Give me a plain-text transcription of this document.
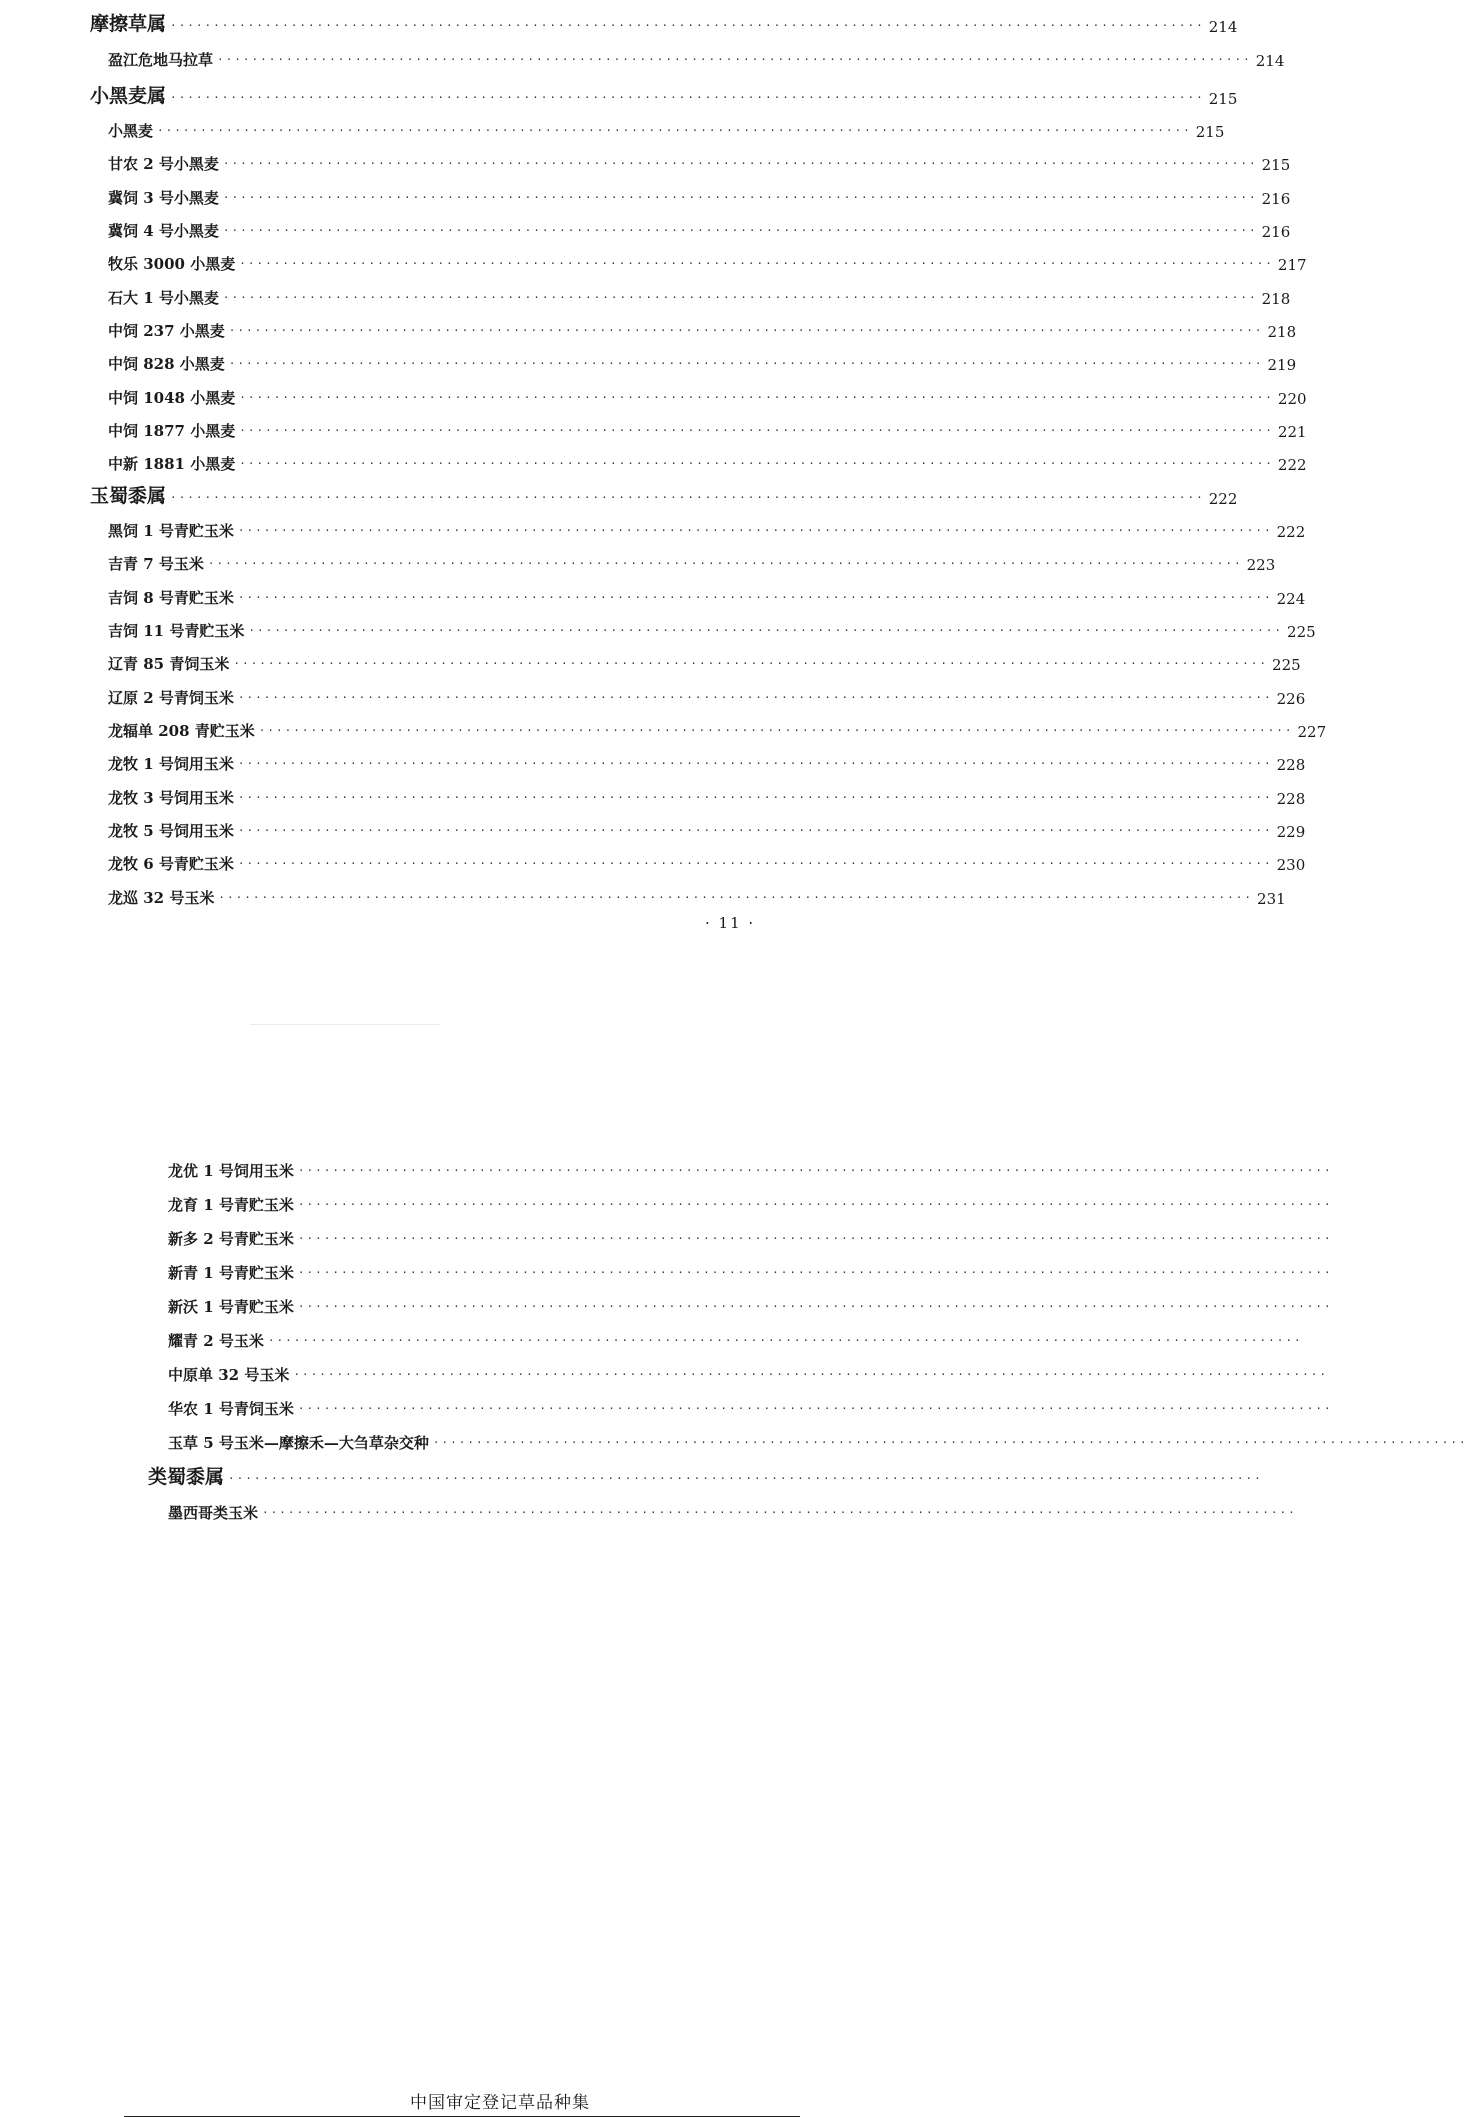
摩擦草属 ························································································································ 214
盈江危地马拉草 ························································································································ 214
小黑麦属 ························································································································ 215
小黑麦 ························································································································ 215
甘农 2 号小黑麦 ························································································································ 215
冀饲 3 号小黑麦 ························································································································ 216
冀饲 4 号小黑麦 ························································································································ 216
牧乐 3000 小黑麦 ························································································································ 217
石大 1 号小黑麦 ························································································································ 218
中饲 237 小黑麦 ························································································································ 218
中饲 828 小黑麦 ························································································································ 219
中饲 1048 小黑麦 ························································································································ 220
中饲 1877 小黑麦 ························································································································ 221
中新 1881 小黑麦 ························································································································ 222
玉蜀黍属 ························································································································ 222
黑饲 1 号青贮玉米 ························································································································ 222
吉青 7 号玉米 ························································································································ 223
吉饲 8 号青贮玉米 ························································································································ 224
吉饲 11 号青贮玉米 ························································································································ 225
辽青 85 青饲玉米 ························································································································ 225
辽原 2 号青饲玉米 ························································································································ 226
龙辐单 208 青贮玉米 ························································································································ 227
龙牧 1 号饲用玉米 ························································································································ 228
龙牧 3 号饲用玉米 ························································································································ 228
龙牧 5 号饲用玉米 ························································································································ 229
龙牧 6 号青贮玉米 ························································································································ 230
龙巡 32 号玉米 ························································································································ 231
· 11 ·
中国审定登记草品种集
龙优 1 号饲用玉米 ························································································································
龙育 1 号青贮玉米 ························································································································
新多 2 号青贮玉米 ························································································································
新青 1 号青贮玉米 ························································································································
新沃 1 号青贮玉米 ························································································································
耀青 2 号玉米 ························································································································
中原单 32 号玉米 ························································································································
华农 1 号青饲玉米 ························································································································
玉草 5 号玉米—摩擦禾—大刍草杂交种 ························································································································
类蜀黍属 ························································································································
墨西哥类玉米 ························································································································
